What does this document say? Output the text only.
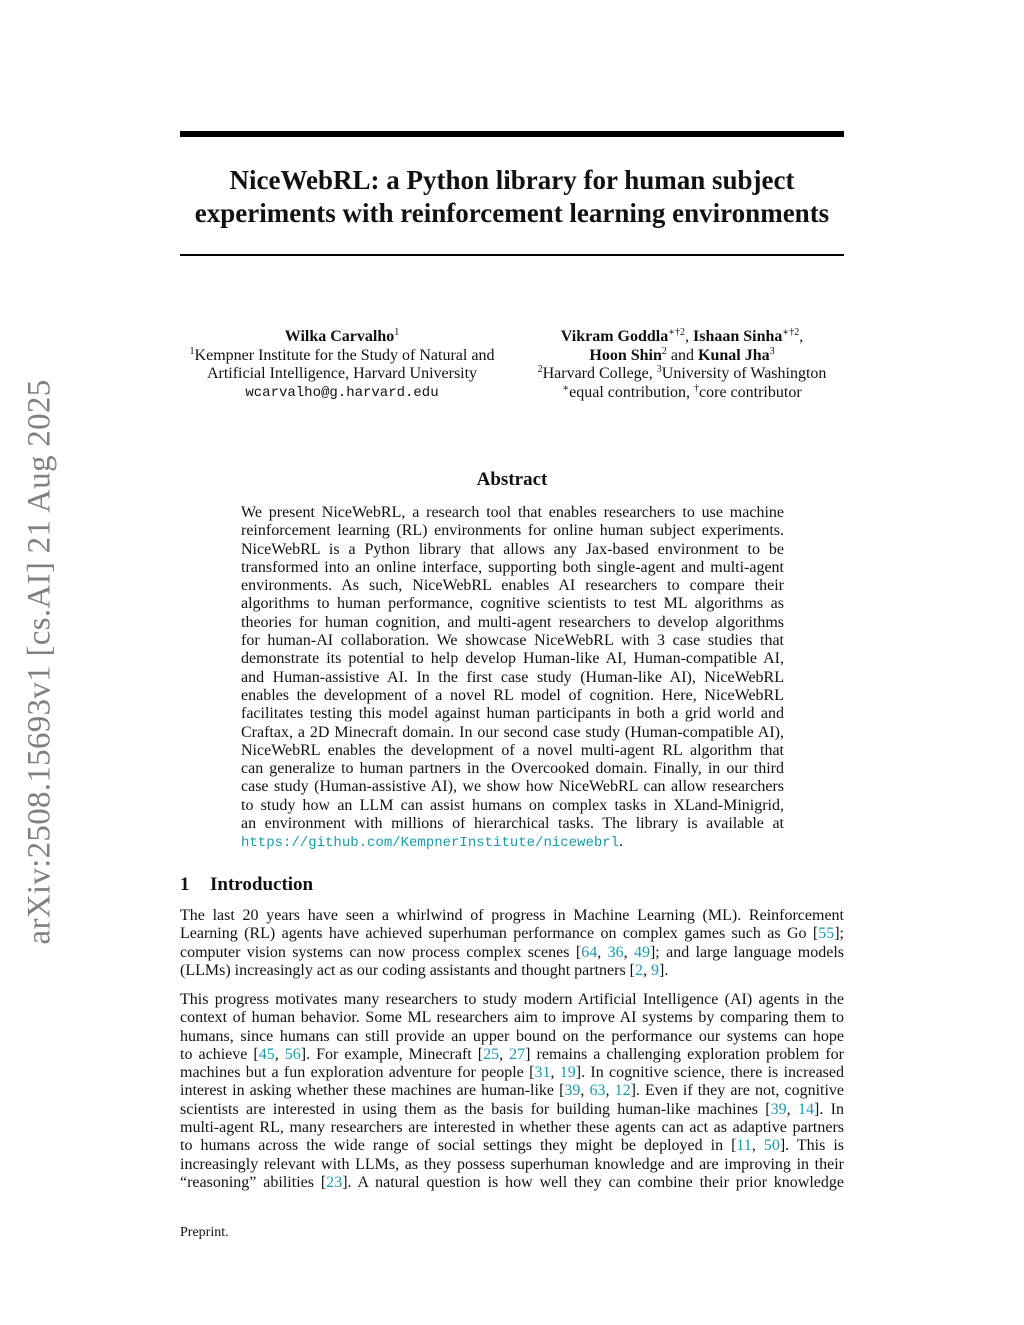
arXiv:2508.15693v1 [cs.AI] 21 Aug 2025
NiceWebRL: a Python library for human subject
experiments with reinforcement learning environments
Wilka Carvalho$^1$
$^1$Kempner Institute for the Study of Natural and
Artificial Intelligence, Harvard University
wcarvalho@g.harvard.edu
Vikram Goddla$^{∗\dagger 2}$, Ishaan Sinha$^{∗\dagger 2}$,
Hoon Shin$^2$ and Kunal Jha$^3$
$^2$Harvard College, $^3$University of Washington
∗equal contribution, †core contributor
Abstract
We present NiceWebRL, a research tool that enables researchers to use machine
reinforcement learning (RL) environments for online human subject experiments.
NiceWebRL is a Python library that allows any Jax-based environment to be
transformed into an online interface, supporting both single-agent and multi-agent
environments. As such, NiceWebRL enables AI researchers to compare their
algorithms to human performance, cognitive scientists to test ML algorithms as
theories for human cognition, and multi-agent researchers to develop algorithms
for human-AI collaboration. We showcase NiceWebRL with 3 case studies that
demonstrate its potential to help develop Human-like AI, Human-compatible AI,
and Human-assistive AI. In the first case study (Human-like AI), NiceWebRL
enables the development of a novel RL model of cognition. Here, NiceWebRL
facilitates testing this model against human participants in both a grid world and
Craftax, a 2D Minecraft domain. In our second case study (Human-compatible AI),
NiceWebRL enables the development of a novel multi-agent RL algorithm that
can generalize to human partners in the Overcooked domain. Finally, in our third
case study (Human-assistive AI), we show how NiceWebRL can allow researchers
to study how an LLM can assist humans on complex tasks in XLand-Minigrid,
an environment with millions of hierarchical tasks. The library is available at
https://github.com/KempnerInstitute/nicewebrl.
1 Introduction
The last 20 years have seen a whirlwind of progress in Machine Learning (ML). Reinforcement
Learning (RL) agents have achieved superhuman performance on complex games such as Go [55];
computer vision systems can now process complex scenes [64, 36, 49]; and large language models
(LLMs) increasingly act as our coding assistants and thought partners [2, 9].
This progress motivates many researchers to study modern Artificial Intelligence (AI) agents in the
context of human behavior. Some ML researchers aim to improve AI systems by comparing them to
humans, since humans can still provide an upper bound on the performance our systems can hope
to achieve [45, 56]. For example, Minecraft [25, 27] remains a challenging exploration problem for
machines but a fun exploration adventure for people [31, 19]. In cognitive science, there is increased
interest in asking whether these machines are human-like [39, 63, 12]. Even if they are not, cognitive
scientists are interested in using them as the basis for building human-like machines [39, 14]. In
multi-agent RL, many researchers are interested in whether these agents can act as adaptive partners
to humans across the wide range of social settings they might be deployed in [11, 50]. This is
increasingly relevant with LLMs, as they possess superhuman knowledge and are improving in their
“reasoning” abilities [23]. A natural question is how well they can combine their prior knowledge
Preprint.
